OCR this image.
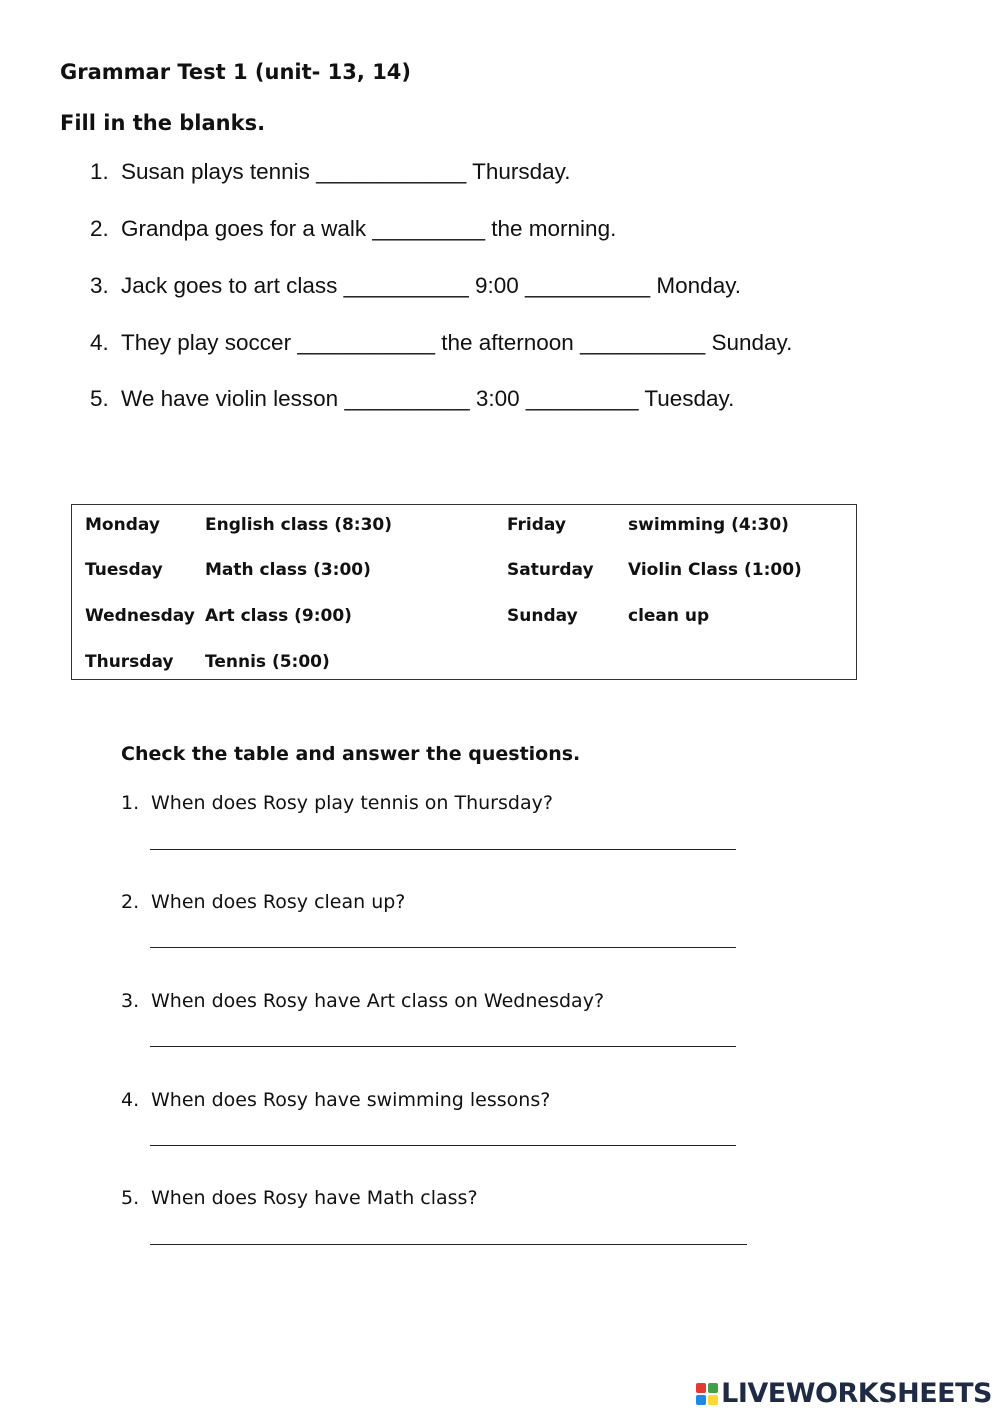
Grammar Test 1 (unit- 13, 14)
Fill in the blanks.
1. Susan plays tennis ____________ Thursday.
2. Grandpa goes for a walk _________ the morning.
3. Jack goes to art class __________ 9:00 __________ Monday.
4. They play soccer ___________ the afternoon __________ Sunday.
5. We have violin lesson __________ 3:00 _________ Tuesday.
Monday	English class (8:30)	Friday	swimming (4:30)
Tuesday Math class (3:00)	Saturday Violin Class (1:00)
Wednesday Art class (9:00)	Sunday	clean up
Thursday Tennis (5:00)
Check the table and answer the questions.
1. When does Rosy play tennis on Thursday?
2. When does Rosy clean up?
3. When does Rosy have Art class on Wednesday?
4. When does Rosy have swimming lessons?
5. When does Rosy have Math class?
LIVEWORKSHEETS
